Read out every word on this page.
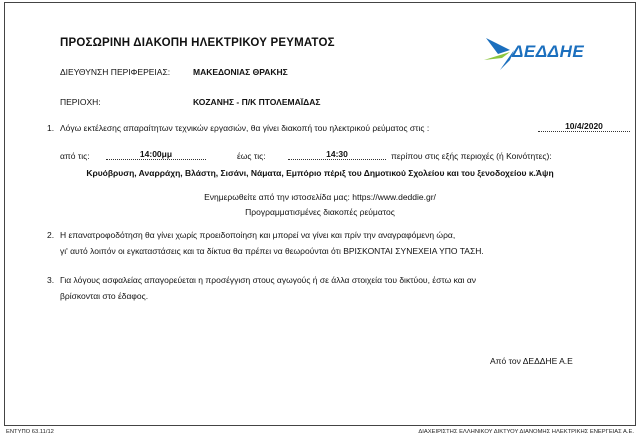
ΠΡΟΣΩΡΙΝΗ ΔΙΑΚΟΠΗ ΗΛΕΚΤΡΙΚΟΥ ΡΕΥΜΑΤΟΣ	ΔΕΔΔΗΕ
ΔΙΕΥΘΥΝΣΗ ΠΕΡΙΦΕΡΕΙΑΣ:	ΜΑΚΕΔΟΝΙΑΣ ΘΡΑΚΗΣ
ΠΕΡΙΟΧΗ:	ΚΟΖΑΝΗΣ - Π/Κ ΠΤΟΛΕΜΑΪΔΑΣ
1. Λόγω εκτέλεσης απαραίτητων τεχνικών εργασιών, θα γίνει διακοπή του ηλεκτρικού ρεύματος στις :	10/4/2020
από τις:	14:00μμ	έως τις:	14:30	περίπου στις εξής περιοχές (ή Κοινότητες):
Κρυόβρυση, Αναρράχη, Βλάστη, Σισάνι, Νάματα, Εμπόριο πέριξ του Δημοτικού Σχολείου και του ξενοδοχείου κ.Άψη
Ενημερωθείτε από την ιστοσελίδα μας: https://www.deddie.gr/
Προγραμματισμένες διακοπές ρεύματος
2. Η επανατροφοδότηση θα γίνει χωρίς προειδοποίηση και μπορεί να γίνει και πρίν την αναγραφόμενη ώρα,
γι' αυτό λοιπόν οι εγκαταστάσεις και τα δίκτυα θα πρέπει να θεωρούνται ότι ΒΡΙΣΚΟΝΤΑΙ ΣΥΝΕΧΕΙΑ ΥΠΟ ΤΑΣΗ.
3. Για λόγους ασφαλείας απαγορεύεται η προσέγγιση στους αγωγούς ή σε άλλα στοιχεία του δικτύου, έστω και αν
βρίσκονται στο έδαφος.
Από τον ΔΕΔΔΗΕ Α.Ε
ΕΝΤΥΠΟ 63.11/12	ΔΙΑΧΕΙΡΙΣΤΗΣ ΕΛΛΗΝΙΚΟΥ ΔΙΚΤΥΟΥ ΔΙΑΝΟΜΗΣ ΗΛΕΚΤΡΙΚΗΣ ΕΝΕΡΓΕΙΑΣ Α.Ε.
